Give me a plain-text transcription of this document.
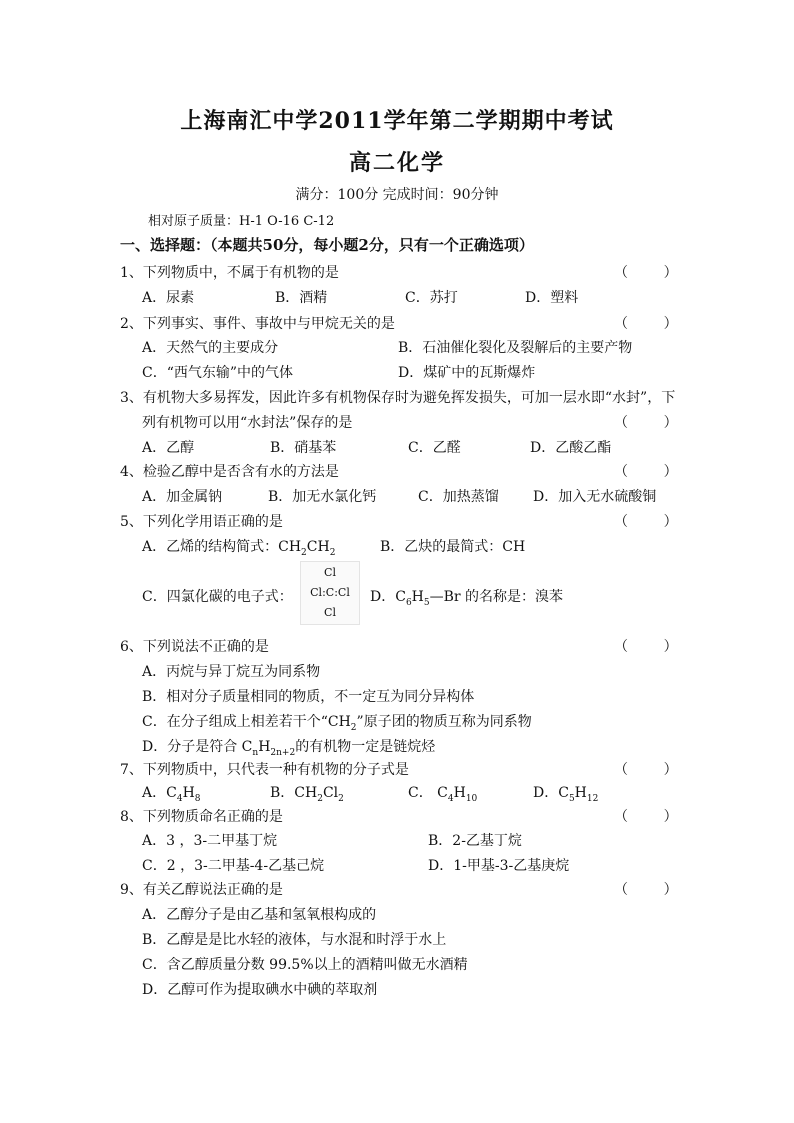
上海南汇中学2011学年第二学期期中考试
高二化学
满分：100分 完成时间：90分钟
相对原子质量：H-1 O-16 C-12
一、选择题：（本题共50分，每小题2分，只有一个正确选项）
1、下列物质中，不属于有机物的是	（        ）
A．尿素	B．酒精	C．苏打	D．塑料
2、下列事实、事件、事故中与甲烷无关的是	（        ）
A．天然气的主要成分	B．石油催化裂化及裂解后的主要产物
C．“西气东输”中的气体	D．煤矿中的瓦斯爆炸
3、有机物大多易挥发，因此许多有机物保存时为避免挥发损失，可加一层水即“水封”，下
列有机物可以用“水封法”保存的是	（        ）
A．乙醇	B．硝基苯	C．乙醛	D．乙酸乙酯
4、检验乙醇中是否含有水的方法是	（        ）
A．加金属钠	B．加无水氯化钙	C．加热蒸馏 D．加入无水硫酸铜
5、下列化学用语正确的是	（        ）
A．乙烯的结构简式：$CH_2CH_2$	B．乙炔的最简式：CH
C．四氯化碳的电子式：
Cl
Cl:C:Cl
Cl
D．$C_6H_5—Br$ 的名称是：溴苯
6、下列说法不正确的是	（        ）
A．丙烷与异丁烷互为同系物
B．相对分子质量相同的物质，不一定互为同分异构体
C．在分子组成上相差若干个“$CH_2$”原子团的物质互称为同系物
D．分子是符合 $C_nH_{2n+2}$的有机物一定是链烷烃
7、下列物质中，只代表一种有机物的分子式是	（        ）
A．$C_4H_8$	B．$CH_2Cl_2$	C． $C_4H_{10}$	D．$C_5H_{12}$
8、下列物质命名正确的是	（        ）
A．3 ，3-二甲基丁烷	B．2-乙基丁烷
C．2 ，3-二甲基-4-乙基己烷	D．1-甲基-3-乙基庚烷
9、有关乙醇说法正确的是	（        ）
A．乙醇分子是由乙基和氢氧根构成的
B．乙醇是是比水轻的液体，与水混和时浮于水上
C．含乙醇质量分数 99.5%以上的酒精叫做无水酒精
D．乙醇可作为提取碘水中碘的萃取剂
